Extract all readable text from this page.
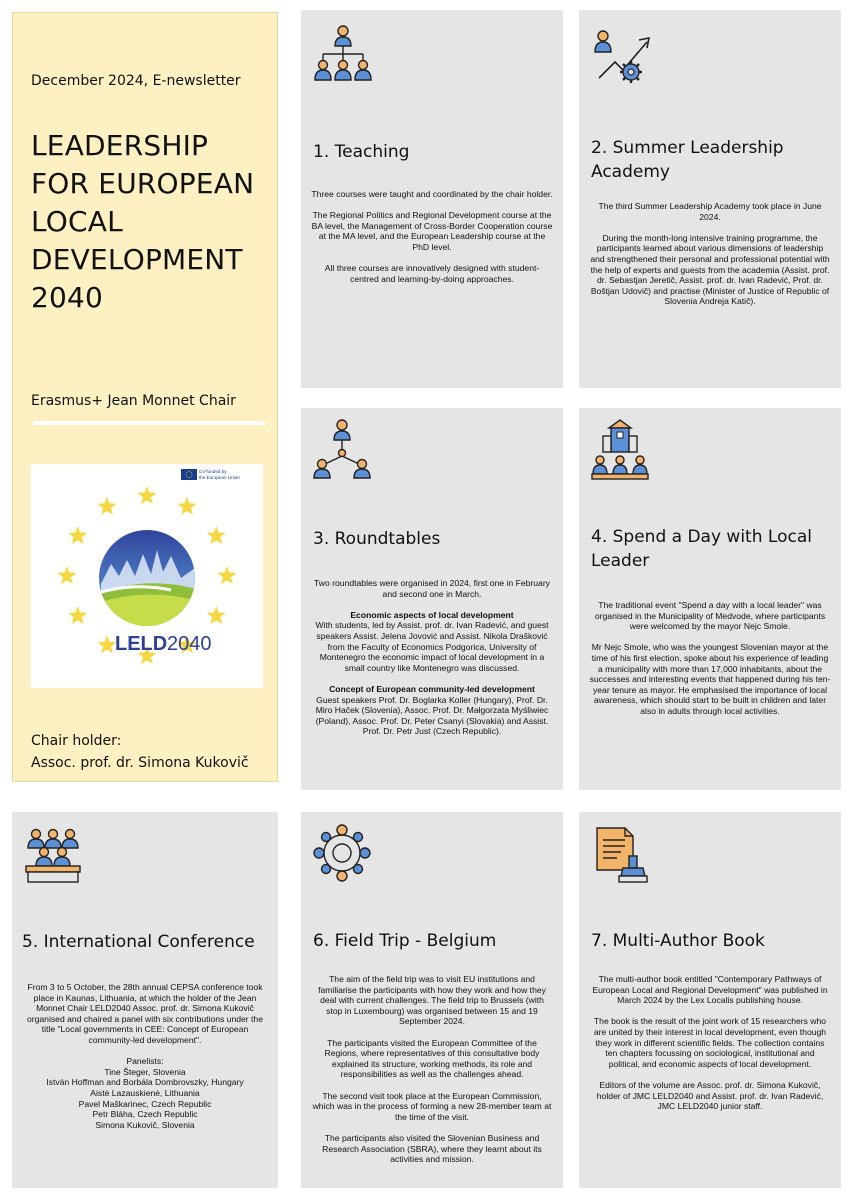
December 2024, E-newsletter
LEADERSHIP FOR EUROPEAN LOCAL DEVELOPMENT 2040
Erasmus+ Jean Monnet Chair
Co-funded by
the European Union
LELD 2040
Chair holder:
Assoc. prof. dr. Simona Kukovič
1. Teaching

Three courses were taught and coordinated by the chair holder.

The Regional Politics and Regional Development course at the BA level, the Management of Cross-Border Cooperation course at the MA level, and the European Leadership course at the PhD level.

All three courses are innovatively designed with student-centred and learning-by-doing approaches.

2. Summer Leadership Academy

The third Summer Leadership Academy took place in June 2024.

During the month-long intensive training programme, the participants learned about various dimensions of leadership and strengthened their personal and professional potential with the help of experts and guests from the academia (Assist. prof. dr. Sebastjan Jeretič, Assist. prof. dr. Ivan Radević, Prof. dr. Boštjan Udovič) and practise (Minister of Justice of Republic of Slovenia Andreja Katič).

3. Roundtables

Two roundtables were organised in 2024, first one in February and second one in March.

Economic aspects of local development
With students, led by Assist. prof. dr. Ivan Radević, and guest speakers Assist. Jelena Jovović and Assist. Nikola Drašković from the Faculty of Economics Podgorica, University of Montenegro the economic impact of local development in a small country like Montenegro was discussed.

Concept of European community-led development
Guest speakers Prof. Dr. Boglarka Koller (Hungary), Prof. Dr. Miro Haček (Slovenia), Assoc. Prof. Dr. Małgorzata Myśliwiec (Poland), Assoc. Prof. Dr. Peter Csanyi (Slovakia) and Assist. Prof. Dr. Petr Just (Czech Republic).

4. Spend a Day with Local Leader

The traditional event "Spend a day with a local leader" was organised in the Municipality of Medvode, where participants were welcomed by the mayor Nejc Smole.

Mr Nejc Smole, who was the youngest Slovenian mayor at the time of his first election, spoke about his experience of leading a municipality with more than 17,000 inhabitants, about the successes and interesting events that happened during his ten-year tenure as mayor. He emphasised the importance of local awareness, which should start to be built in children and later also in adults through local activities.

5. International Conference

From 3 to 5 October, the 28th annual CEPSA conference took place in Kaunas, Lithuania, at which the holder of the Jean Monnet Chair LELD2040 Assoc. prof. dr. Simona Kukovič organised and chaired a panel with six contributions under the title "Local governments in CEE: Concept of European community-led development".

Panelists:
Tine Šteger, Slovenia
István Hoffman and Borbála Dombrovszky, Hungary
Aistė Lazauskienė, Lithuania
Pavel Maškarinec, Czech Republic
Petr Bláha, Czech Republic
Simona Kukovič, Slovenia
6. Field Trip - Belgium

The aim of the field trip was to visit EU institutions and familiarise the participants with how they work and how they deal with current challenges. The field trip to Brussels (with stop in Luxembourg) was organised between 15 and 19 September 2024.

The participants visited the European Committee of the Regions, where representatives of this consultative body explained its structure, working methods, its role and responsibilities as well as the challenges ahead.

The second visit took place at the European Commission, which was in the process of forming a new 28-member team at the time of the visit.

The participants also visited the Slovenian Business and Research Association (SBRA), where they learnt about its activities and mission.

7. Multi-Author Book

The multi-author book entitled "Contemporary Pathways of European Local and Regional Development" was published in March 2024 by the Lex Localis publishing house.

The book is the result of the joint work of 15 researchers who are united by their interest in local development, even though they work in different scientific fields. The collection contains ten chapters focussing on sociological, institutional and political, and economic aspects of local development.

Editors of the volume are Assoc. prof. dr. Simona Kukovič, holder of JMC LELD2040 and Assist. prof. dr. Ivan Radević, JMC LELD2040 junior staff.
